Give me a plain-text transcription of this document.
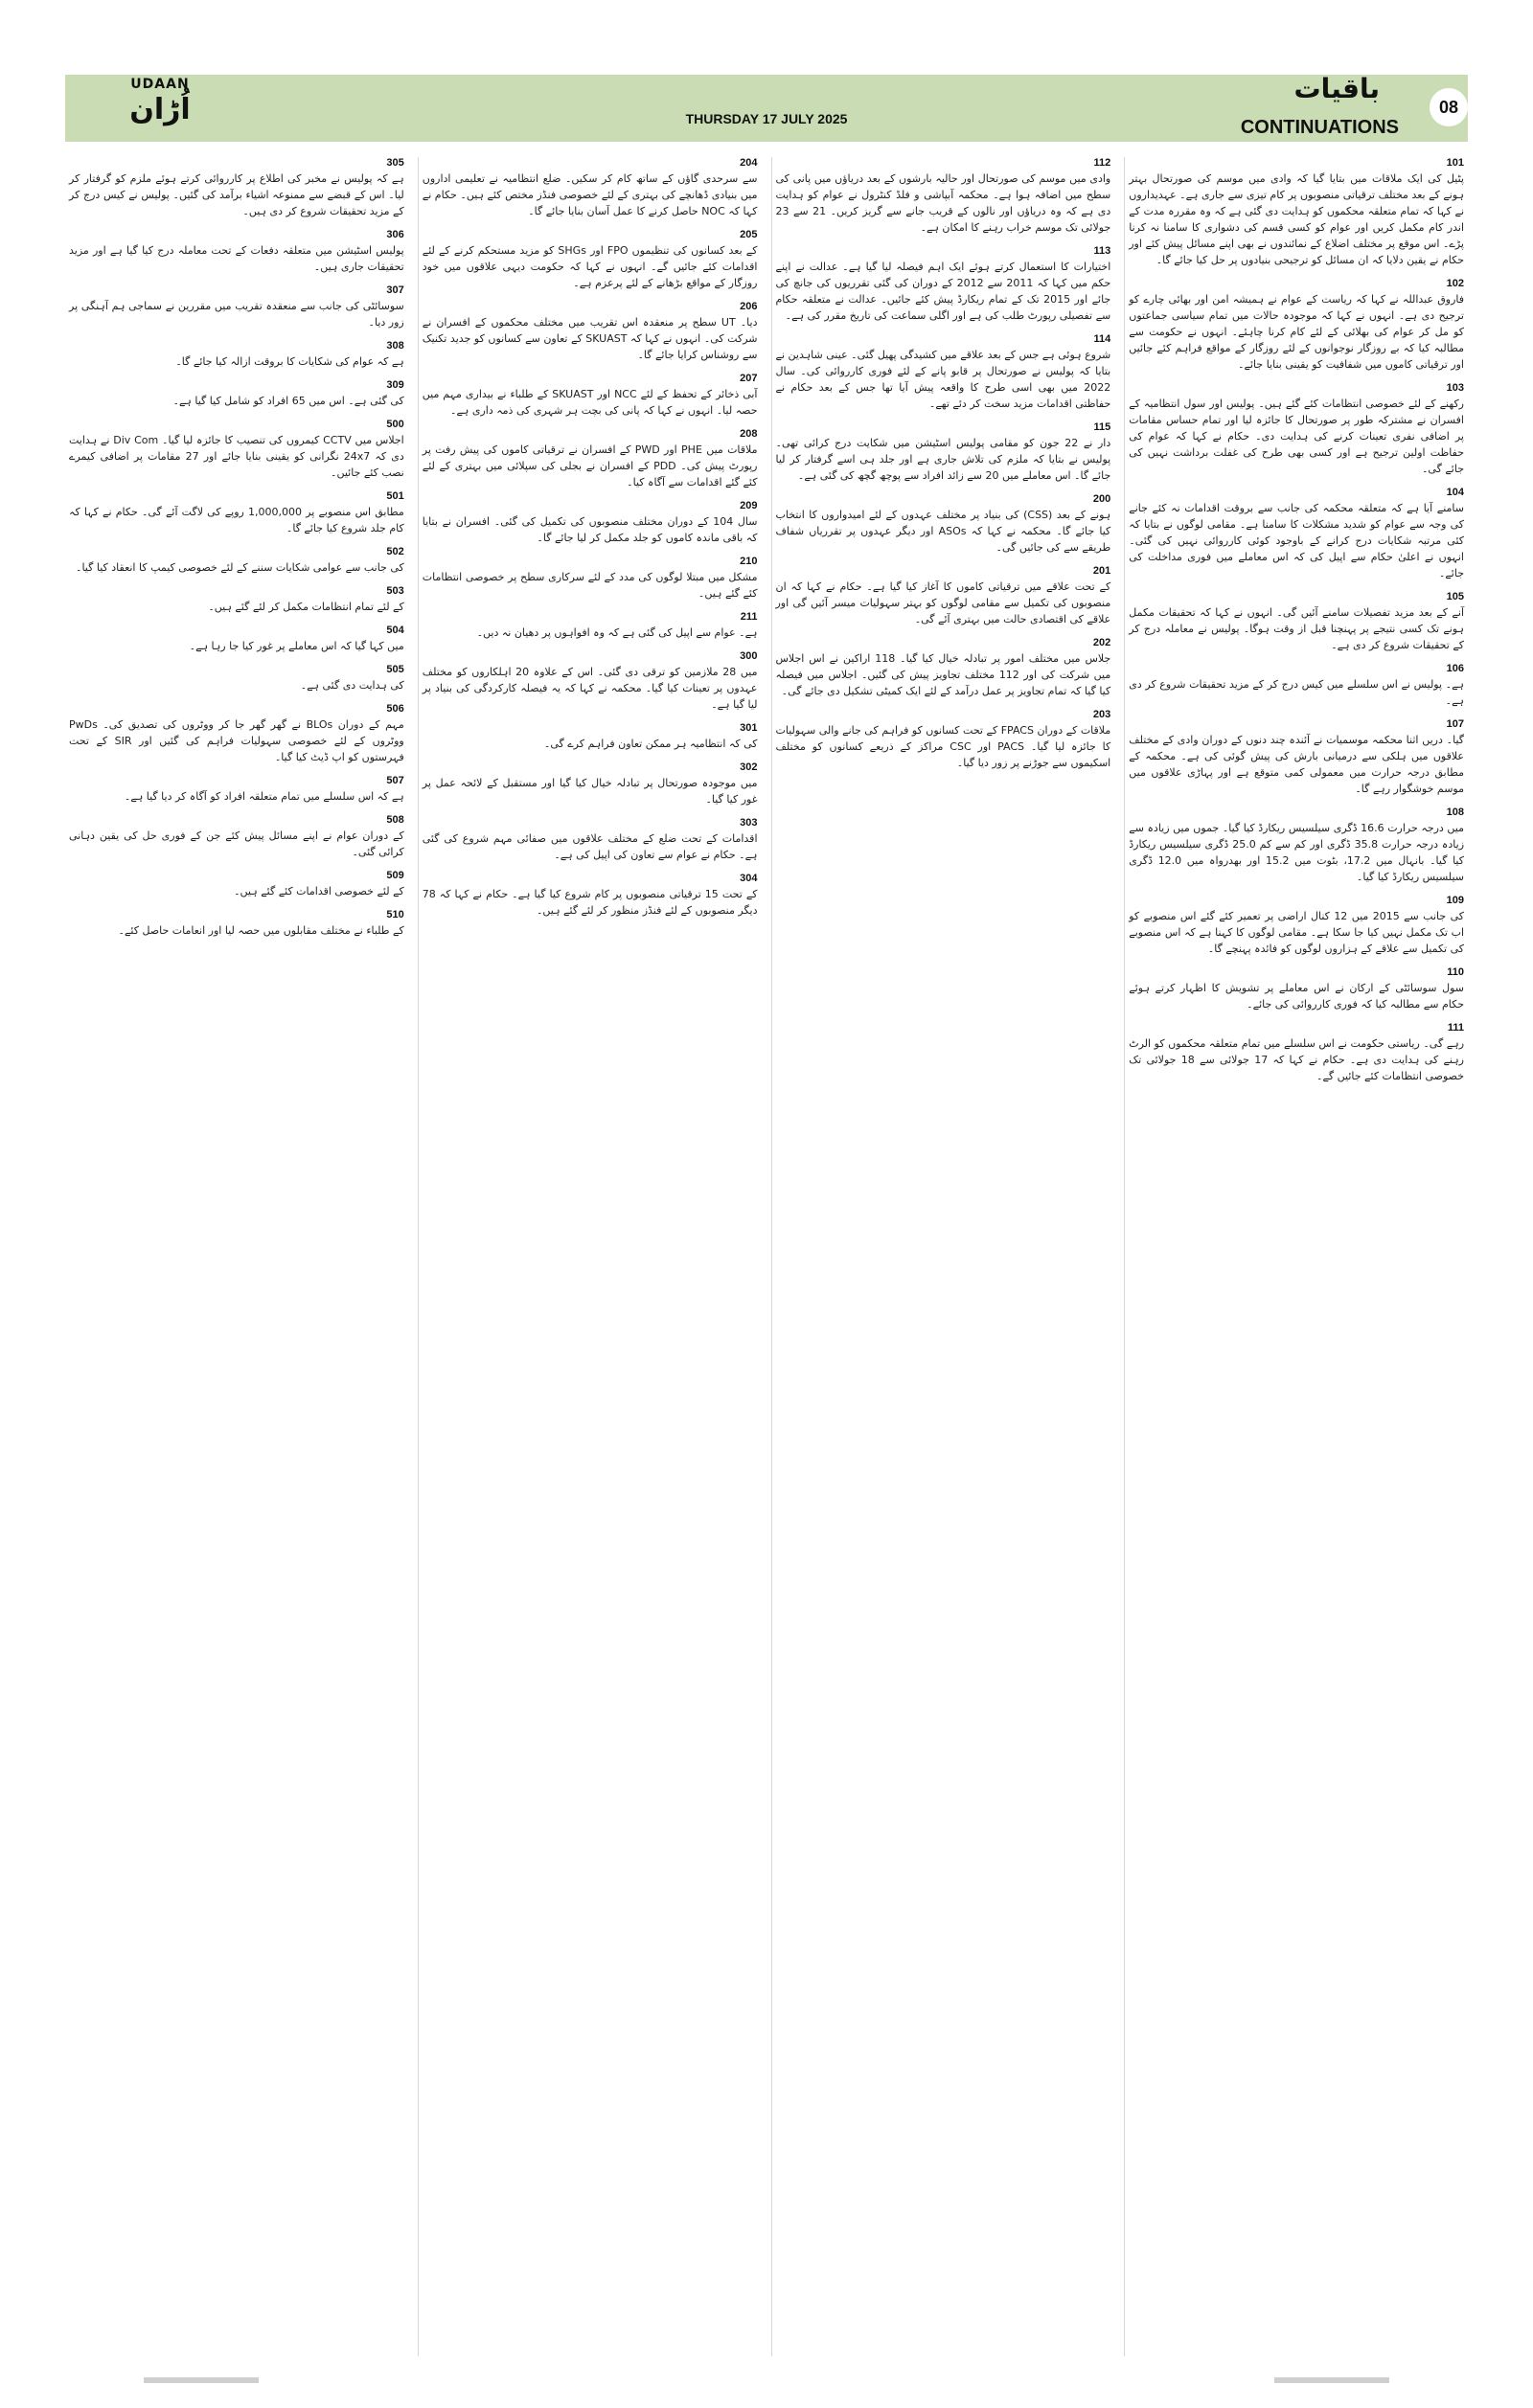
UDAAN
اُڑان	THURSDAY 17 JULY 2025
باقیات
CONTINUATIONS
08
101

پٹیل کی ایک ملاقات میں بتایا گیا کہ وادی میں موسم کی صورتحال بہتر ہونے کے بعد مختلف ترقیاتی منصوبوں پر کام تیزی سے جاری ہے۔ عہدیداروں نے کہا کہ تمام متعلقہ محکموں کو ہدایت دی گئی ہے کہ وہ مقررہ مدت کے اندر کام مکمل کریں اور عوام کو کسی قسم کی دشواری کا سامنا نہ کرنا پڑے۔ اس موقع پر مختلف اضلاع کے نمائندوں نے بھی اپنے مسائل پیش کئے اور حکام نے یقین دلایا کہ ان مسائل کو ترجیحی بنیادوں پر حل کیا جائے گا۔

102

فاروق عبداللہ نے کہا کہ ریاست کے عوام نے ہمیشہ امن اور بھائی چارے کو ترجیح دی ہے۔ انہوں نے کہا کہ موجودہ حالات میں تمام سیاسی جماعتوں کو مل کر عوام کی بھلائی کے لئے کام کرنا چاہئے۔ انہوں نے حکومت سے مطالبہ کیا کہ بے روزگار نوجوانوں کے لئے روزگار کے مواقع فراہم کئے جائیں اور ترقیاتی کاموں میں شفافیت کو یقینی بنایا جائے۔

103

رکھنے کے لئے خصوصی انتظامات کئے گئے ہیں۔ پولیس اور سول انتظامیہ کے افسران نے مشترکہ طور پر صورتحال کا جائزہ لیا اور تمام حساس مقامات پر اضافی نفری تعینات کرنے کی ہدایت دی۔ حکام نے کہا کہ عوام کی حفاظت اولین ترجیح ہے اور کسی بھی طرح کی غفلت برداشت نہیں کی جائے گی۔

104

سامنے آیا ہے کہ متعلقہ محکمہ کی جانب سے بروقت اقدامات نہ کئے جانے کی وجہ سے عوام کو شدید مشکلات کا سامنا ہے۔ مقامی لوگوں نے بتایا کہ کئی مرتبہ شکایات درج کرانے کے باوجود کوئی کارروائی نہیں کی گئی۔ انہوں نے اعلیٰ حکام سے اپیل کی کہ اس معاملے میں فوری مداخلت کی جائے۔

105

آنے کے بعد مزید تفصیلات سامنے آئیں گی۔ انہوں نے کہا کہ تحقیقات مکمل ہونے تک کسی نتیجے پر پہنچنا قبل از وقت ہوگا۔ پولیس نے معاملہ درج کر کے تحقیقات شروع کر دی ہے۔

106

ہے۔ پولیس نے اس سلسلے میں کیس درج کر کے مزید تحقیقات شروع کر دی ہے۔

107

گیا۔ دریں اثنا محکمہ موسمیات نے آئندہ چند دنوں کے دوران وادی کے مختلف علاقوں میں ہلکی سے درمیانی بارش کی پیش گوئی کی ہے۔ محکمہ کے مطابق درجہ حرارت میں معمولی کمی متوقع ہے اور پہاڑی علاقوں میں موسم خوشگوار رہے گا۔

108

میں درجہ حرارت 16.6 ڈگری سیلسیس ریکارڈ کیا گیا۔ جموں میں زیادہ سے زیادہ درجہ حرارت 35.8 ڈگری اور کم سے کم 25.0 ڈگری سیلسیس ریکارڈ کیا گیا۔ بانہال میں 17.2، بٹوت میں 15.2 اور بھدرواہ میں 12.0 ڈگری سیلسیس ریکارڈ کیا گیا۔

109

کی جانب سے 2015 میں 12 کنال اراضی پر تعمیر کئے گئے اس منصوبے کو اب تک مکمل نہیں کیا جا سکا ہے۔ مقامی لوگوں کا کہنا ہے کہ اس منصوبے کی تکمیل سے علاقے کے ہزاروں لوگوں کو فائدہ پہنچے گا۔

110

سول سوسائٹی کے ارکان نے اس معاملے پر تشویش کا اظہار کرتے ہوئے حکام سے مطالبہ کیا کہ فوری کارروائی کی جائے۔

111

رہے گی۔ ریاستی حکومت نے اس سلسلے میں تمام متعلقہ محکموں کو الرٹ رہنے کی ہدایت دی ہے۔ حکام نے کہا کہ 17 جولائی سے 18 جولائی تک خصوصی انتظامات کئے جائیں گے۔

112

وادی میں موسم کی صورتحال اور حالیہ بارشوں کے بعد دریاؤں میں پانی کی سطح میں اضافہ ہوا ہے۔ محکمہ آبپاشی و فلڈ کنٹرول نے عوام کو ہدایت دی ہے کہ وہ دریاؤں اور نالوں کے قریب جانے سے گریز کریں۔ 21 سے 23 جولائی تک موسم خراب رہنے کا امکان ہے۔

113

اختیارات کا استعمال کرتے ہوئے ایک اہم فیصلہ لیا گیا ہے۔ عدالت نے اپنے حکم میں کہا کہ 2011 سے 2012 کے دوران کی گئی تقرریوں کی جانچ کی جائے اور 2015 تک کے تمام ریکارڈ پیش کئے جائیں۔ عدالت نے متعلقہ حکام سے تفصیلی رپورٹ طلب کی ہے اور اگلی سماعت کی تاریخ مقرر کی ہے۔

114

شروع ہوئی ہے جس کے بعد علاقے میں کشیدگی پھیل گئی۔ عینی شاہدین نے بتایا کہ پولیس نے صورتحال پر قابو پانے کے لئے فوری کارروائی کی۔ سال 2022 میں بھی اسی طرح کا واقعہ پیش آیا تھا جس کے بعد حکام نے حفاظتی اقدامات مزید سخت کر دئے تھے۔

115

دار نے 22 جون کو مقامی پولیس اسٹیشن میں شکایت درج کرائی تھی۔ پولیس نے بتایا کہ ملزم کی تلاش جاری ہے اور جلد ہی اسے گرفتار کر لیا جائے گا۔ اس معاملے میں 20 سے زائد افراد سے پوچھ گچھ کی گئی ہے۔

200

ہونے کے بعد (CSS) کی بنیاد پر مختلف عہدوں کے لئے امیدواروں کا انتخاب کیا جائے گا۔ محکمہ نے کہا کہ ASOs اور دیگر عہدوں پر تقرریاں شفاف طریقے سے کی جائیں گی۔

201

کے تحت علاقے میں ترقیاتی کاموں کا آغاز کیا گیا ہے۔ حکام نے کہا کہ ان منصوبوں کی تکمیل سے مقامی لوگوں کو بہتر سہولیات میسر آئیں گی اور علاقے کی اقتصادی حالت میں بہتری آئے گی۔

202

جلاس میں مختلف امور پر تبادلہ خیال کیا گیا۔ 118 اراکین نے اس اجلاس میں شرکت کی اور 112 مختلف تجاویز پیش کی گئیں۔ اجلاس میں فیصلہ کیا گیا کہ تمام تجاویز پر عمل درآمد کے لئے ایک کمیٹی تشکیل دی جائے گی۔

203

ملاقات کے دوران FPACS کے تحت کسانوں کو فراہم کی جانے والی سہولیات کا جائزہ لیا گیا۔ PACS اور CSC مراکز کے ذریعے کسانوں کو مختلف اسکیموں سے جوڑنے پر زور دیا گیا۔

204

سے سرحدی گاؤں کے ساتھ کام کر سکیں۔ ضلع انتظامیہ نے تعلیمی اداروں میں بنیادی ڈھانچے کی بہتری کے لئے خصوصی فنڈز مختص کئے ہیں۔ حکام نے کہا کہ NOC حاصل کرنے کا عمل آسان بنایا جائے گا۔

205

کے بعد کسانوں کی تنظیموں FPO اور SHGs کو مزید مستحکم کرنے کے لئے اقدامات کئے جائیں گے۔ انہوں نے کہا کہ حکومت دیہی علاقوں میں خود روزگار کے مواقع بڑھانے کے لئے پرعزم ہے۔

206

دیا۔ UT سطح پر منعقدہ اس تقریب میں مختلف محکموں کے افسران نے شرکت کی۔ انہوں نے کہا کہ SKUAST کے تعاون سے کسانوں کو جدید تکنیک سے روشناس کرایا جائے گا۔

207

آبی ذخائر کے تحفظ کے لئے NCC اور SKUAST کے طلباء نے بیداری مہم میں حصہ لیا۔ انہوں نے کہا کہ پانی کی بچت ہر شہری کی ذمہ داری ہے۔

208

ملاقات میں PHE اور PWD کے افسران نے ترقیاتی کاموں کی پیش رفت پر رپورٹ پیش کی۔ PDD کے افسران نے بجلی کی سپلائی میں بہتری کے لئے کئے گئے اقدامات سے آگاہ کیا۔

209

سال 104 کے دوران مختلف منصوبوں کی تکمیل کی گئی۔ افسران نے بتایا کہ باقی ماندہ کاموں کو جلد مکمل کر لیا جائے گا۔

210

مشکل میں مبتلا لوگوں کی مدد کے لئے سرکاری سطح پر خصوصی انتظامات کئے گئے ہیں۔

211

ہے۔ عوام سے اپیل کی گئی ہے کہ وہ افواہوں پر دھیان نہ دیں۔

300

میں 28 ملازمین کو ترقی دی گئی۔ اس کے علاوہ 20 اہلکاروں کو مختلف عہدوں پر تعینات کیا گیا۔ محکمہ نے کہا کہ یہ فیصلہ کارکردگی کی بنیاد پر لیا گیا ہے۔

301

کی کہ انتظامیہ ہر ممکن تعاون فراہم کرے گی۔

302

میں موجودہ صورتحال پر تبادلہ خیال کیا گیا اور مستقبل کے لائحہ عمل پر غور کیا گیا۔

303

اقدامات کے تحت ضلع کے مختلف علاقوں میں صفائی مہم شروع کی گئی ہے۔ حکام نے عوام سے تعاون کی اپیل کی ہے۔

304

کے تحت 15 ترقیاتی منصوبوں پر کام شروع کیا گیا ہے۔ حکام نے کہا کہ 78 دیگر منصوبوں کے لئے فنڈز منظور کر لئے گئے ہیں۔

305

ہے کہ پولیس نے مخبر کی اطلاع پر کارروائی کرتے ہوئے ملزم کو گرفتار کر لیا۔ اس کے قبضے سے ممنوعہ اشیاء برآمد کی گئیں۔ پولیس نے کیس درج کر کے مزید تحقیقات شروع کر دی ہیں۔

306

پولیس اسٹیشن میں متعلقہ دفعات کے تحت معاملہ درج کیا گیا ہے اور مزید تحقیقات جاری ہیں۔

307

سوسائٹی کی جانب سے منعقدہ تقریب میں مقررین نے سماجی ہم آہنگی پر زور دیا۔

308

ہے کہ عوام کی شکایات کا بروقت ازالہ کیا جائے گا۔

309

کی گئی ہے۔ اس میں 65 افراد کو شامل کیا گیا ہے۔

500

اجلاس میں CCTV کیمروں کی تنصیب کا جائزہ لیا گیا۔ Div Com نے ہدایت دی کہ 24x7 نگرانی کو یقینی بنایا جائے اور 27 مقامات پر اضافی کیمرے نصب کئے جائیں۔

501

مطابق اس منصوبے پر 1,000,000 روپے کی لاگت آئے گی۔ حکام نے کہا کہ کام جلد شروع کیا جائے گا۔

502

کی جانب سے عوامی شکایات سننے کے لئے خصوصی کیمپ کا انعقاد کیا گیا۔

503

کے لئے تمام انتظامات مکمل کر لئے گئے ہیں۔

504

میں کہا گیا کہ اس معاملے پر غور کیا جا رہا ہے۔

505

کی ہدایت دی گئی ہے۔

506

مہم کے دوران BLOs نے گھر گھر جا کر ووٹروں کی تصدیق کی۔ PwDs ووٹروں کے لئے خصوصی سہولیات فراہم کی گئیں اور SIR کے تحت فہرستوں کو اپ ڈیٹ کیا گیا۔

507

ہے کہ اس سلسلے میں تمام متعلقہ افراد کو آگاہ کر دیا گیا ہے۔

508

کے دوران عوام نے اپنے مسائل پیش کئے جن کے فوری حل کی یقین دہانی کرائی گئی۔

509

کے لئے خصوصی اقدامات کئے گئے ہیں۔

510

کے طلباء نے مختلف مقابلوں میں حصہ لیا اور انعامات حاصل کئے۔
